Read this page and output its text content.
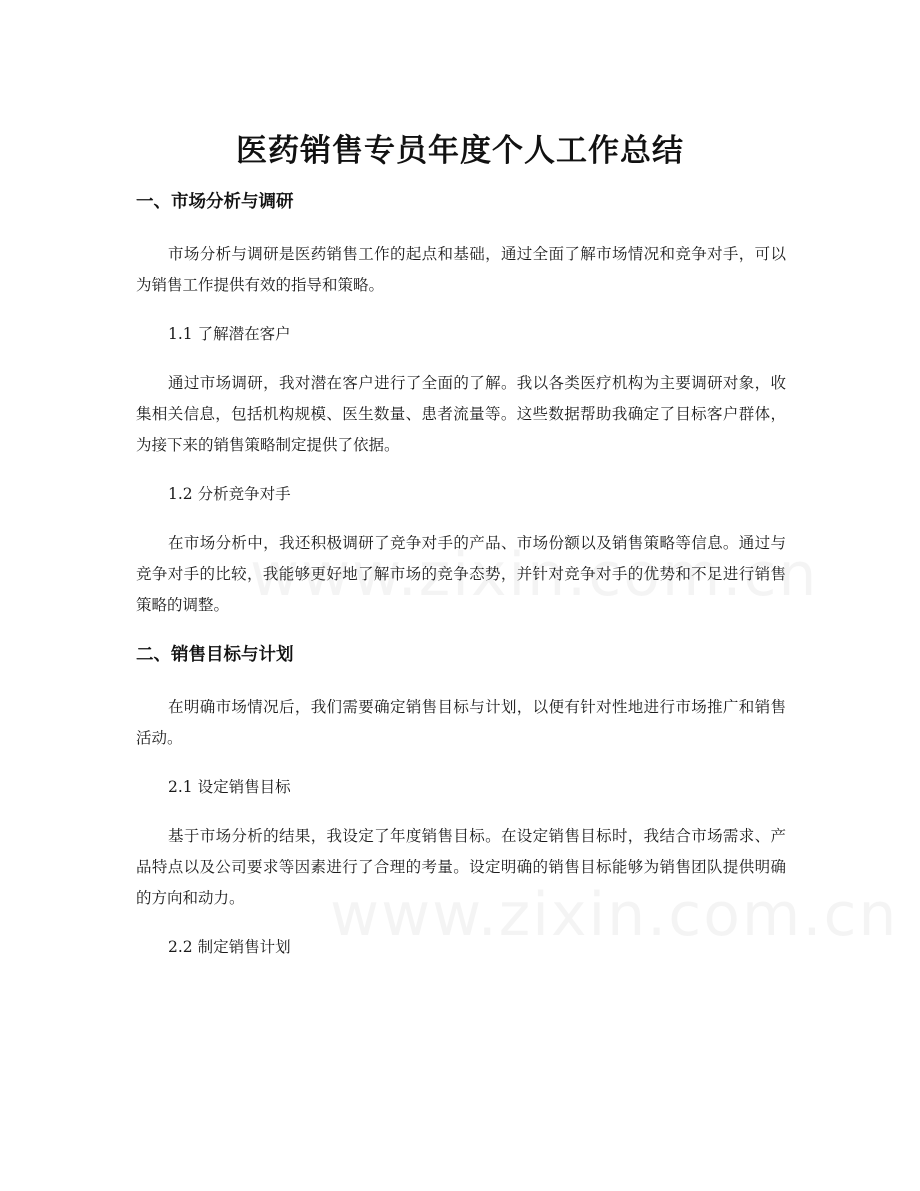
医药销售专员年度个人工作总结
一、市场分析与调研

市场分析与调研是医药销售工作的起点和基础，通过全面了解市场情况和竞争对手，可以为销售工作提供有效的指导和策略。

1.1 了解潜在客户

通过市场调研，我对潜在客户进行了全面的了解。我以各类医疗机构为主要调研对象，收集相关信息，包括机构规模、医生数量、患者流量等。这些数据帮助我确定了目标客户群体，为接下来的销售策略制定提供了依据。

1.2 分析竞争对手

在市场分析中，我还积极调研了竞争对手的产品、市场份额以及销售策略等信息。通过与竞争对手的比较，我能够更好地了解市场的竞争态势，并针对竞争对手的优势和不足进行销售策略的调整。

二、销售目标与计划

在明确市场情况后，我们需要确定销售目标与计划，以便有针对性地进行市场推广和销售活动。

2.1 设定销售目标

基于市场分析的结果，我设定了年度销售目标。在设定销售目标时，我结合市场需求、产品特点以及公司要求等因素进行了合理的考量。设定明确的销售目标能够为销售团队提供明确的方向和动力。

2.2 制定销售计划
